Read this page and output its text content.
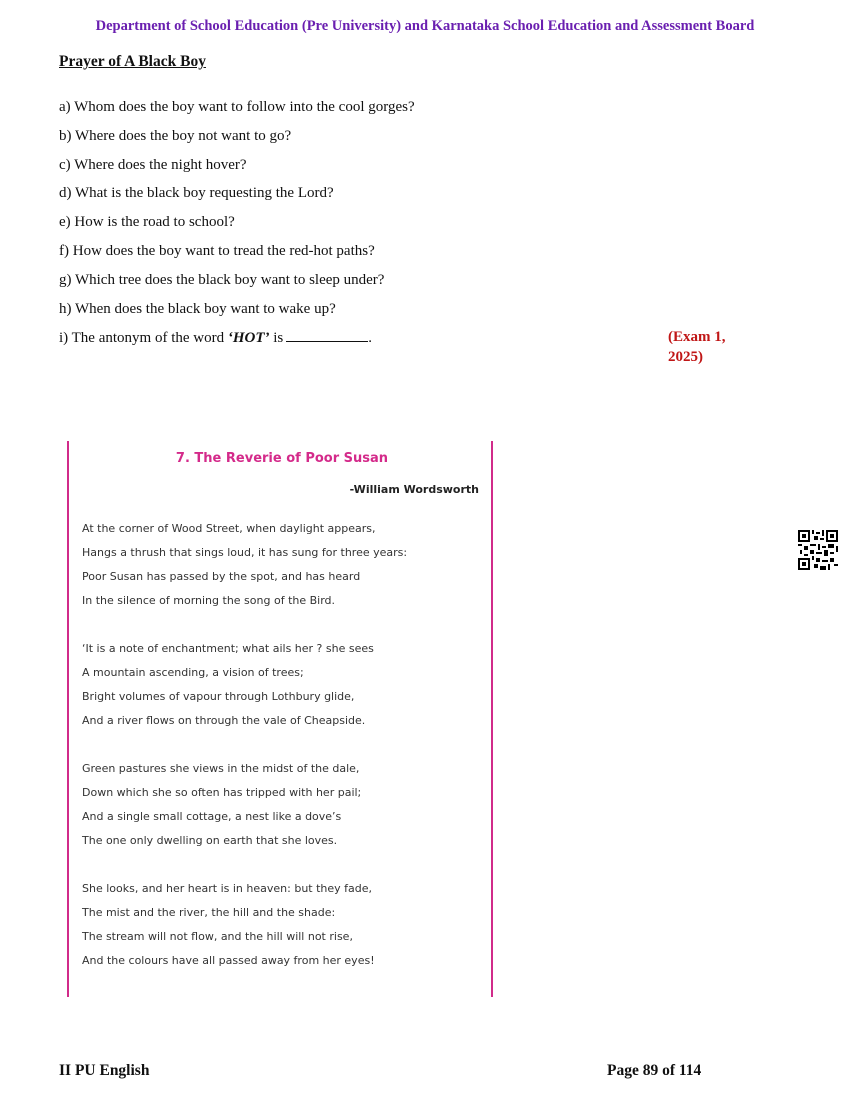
Department of School Education (Pre University) and Karnataka School Education and Assessment Board
Prayer of A Black Boy
a) Whom does the boy want to follow into the cool gorges?
b) Where does the boy not want to go?
c) Where does the night hover?
d) What is the black boy requesting the Lord?
e) How is the road to school?
f) How does the boy want to tread the red-hot paths?
g) Which tree does the black boy want to sleep under?
h) When does the black boy want to wake up?
i) The antonym of the word ‘HOT’ is	.	(Exam 1, 2025)
7. The Reverie of Poor Susan
-William Wordsworth
At the corner of Wood Street, when daylight appears,
Hangs a thrush that sings loud, it has sung for three years:
Poor Susan has passed by the spot, and has heard
In the silence of morning the song of the Bird.
‘It is a note of enchantment; what ails her ? she sees
A mountain ascending, a vision of trees;
Bright volumes of vapour through Lothbury glide,
And a river flows on through the vale of Cheapside.
Green pastures she views in the midst of the dale,
Down which she so often has tripped with her pail;
And a single small cottage, a nest like a dove’s
The one only dwelling on earth that she loves.
She looks, and her heart is in heaven: but they fade,
The mist and the river, the hill and the shade:
The stream will not flow, and the hill will not rise,
And the colours have all passed away from her eyes!
II PU English	Page 89 of 114
